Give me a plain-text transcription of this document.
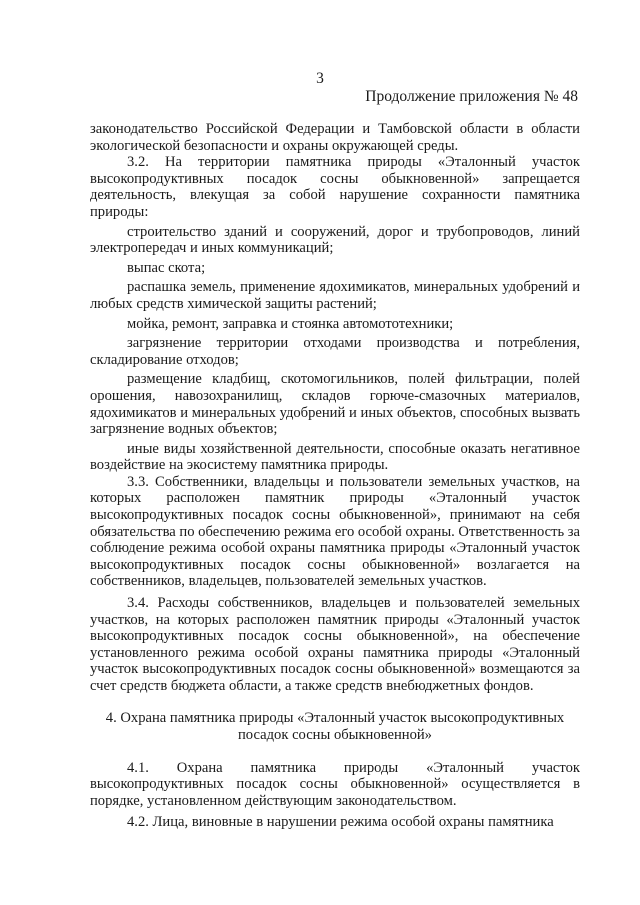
3
Продолжение приложения № 48

законодательство Российской Федерации и Тамбовской области в области экологической безопасности и охраны окружающей среды.

3.2. На территории памятника природы «Эталонный участок высокопродуктивных посадок сосны обыкновенной» запрещается деятельность, влекущая за собой нарушение сохранности памятника природы:

строительство зданий и сооружений, дорог и трубопроводов, линий электропередач и иных коммуникаций;

выпас скота;

распашка земель, применение ядохимикатов, минеральных удобрений и любых средств химической защиты растений;

мойка, ремонт, заправка и стоянка автомототехники;

загрязнение территории отходами производства и потребления, складирование отходов;

размещение кладбищ, скотомогильников, полей фильтрации, полей орошения, навозохранилищ, складов горюче-смазочных материалов, ядохимикатов и минеральных удобрений и иных объектов, способных вызвать загрязнение водных объектов;

иные виды хозяйственной деятельности, способные оказать негативное воздействие на экосистему памятника природы.

3.3. Собственники, владельцы и пользователи земельных участков, на которых расположен памятник природы «Эталонный участок высокопродуктивных посадок сосны обыкновенной», принимают на себя обязательства по обеспечению режима его особой охраны. Ответственность за соблюдение режима особой охраны памятника природы «Эталонный участок высокопродуктивных посадок сосны обыкновенной» возлагается на собственников, владельцев, пользователей земельных участков.

3.4. Расходы собственников, владельцев и пользователей земельных участков, на которых расположен памятник природы «Эталонный участок высокопродуктивных посадок сосны обыкновенной», на обеспечение установленного режима особой охраны памятника природы «Эталонный участок высокопродуктивных посадок сосны обыкновенной» возмещаются за счет средств бюджета области, а также средств внебюджетных фондов.

4. Охрана памятника природы «Эталонный участок высокопродуктивных
посадок сосны обыкновенной»

4.1. Охрана памятника природы «Эталонный участок высокопродуктивных посадок сосны обыкновенной» осуществляется в порядке, установленном действующим законодательством.

4.2. Лица, виновные в нарушении режима особой охраны памятника
